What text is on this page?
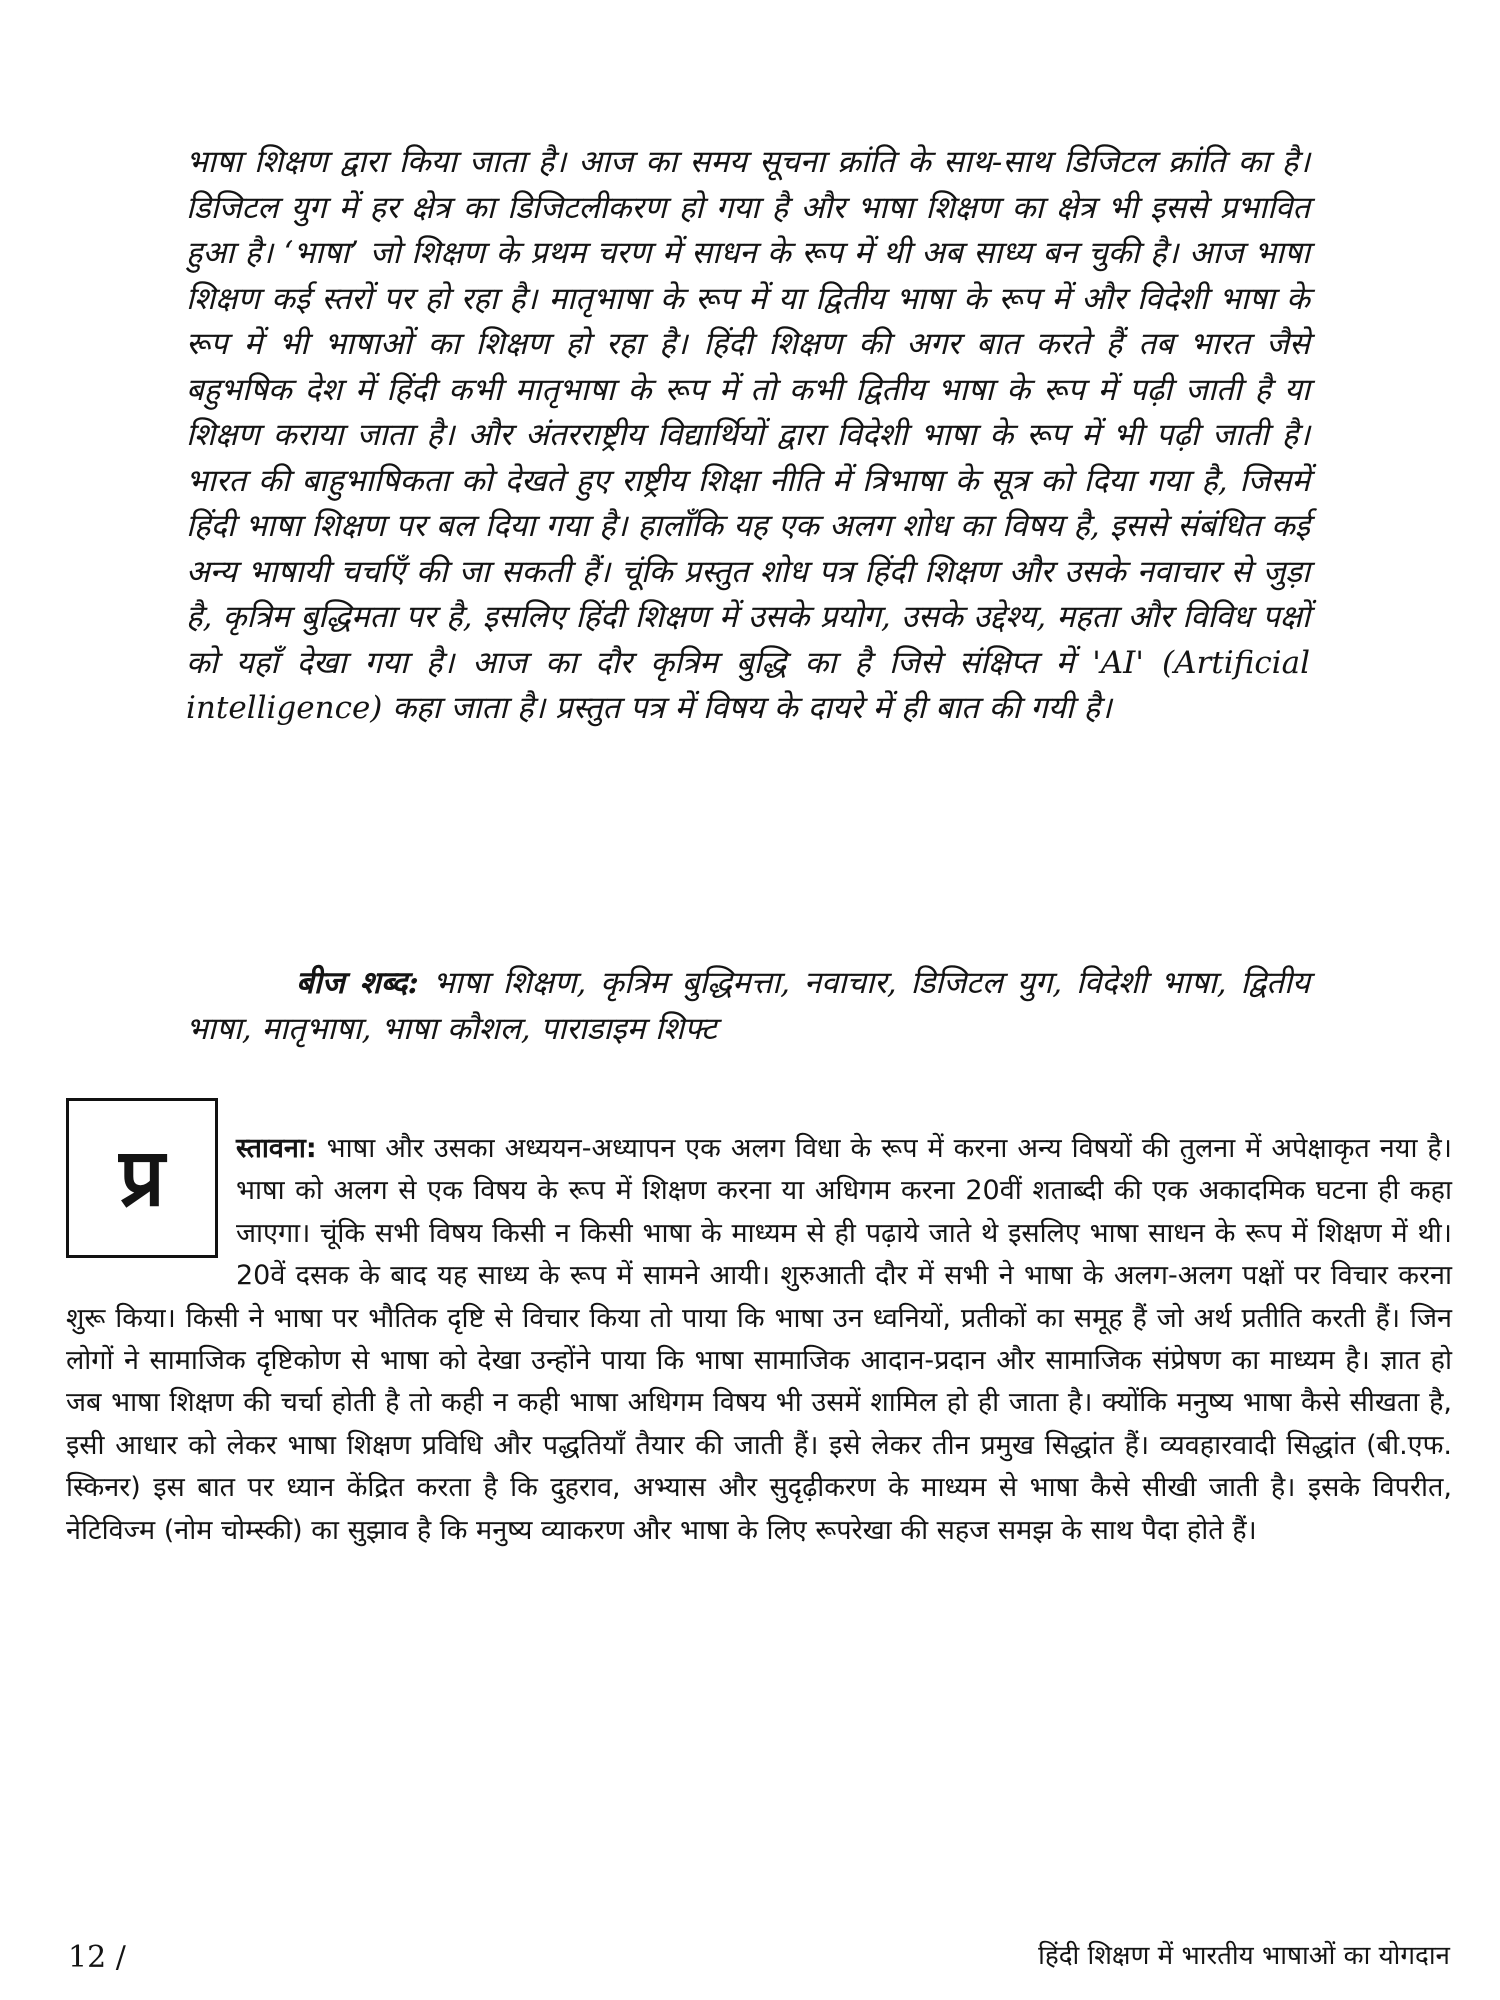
भाषा शिक्षण द्वारा किया जाता है। आज का समय सूचना क्रांति के साथ-साथ डिजिटल क्रांति का है। डिजिटल युग में हर क्षेत्र का डिजिटलीकरण हो गया है और भाषा शिक्षण का क्षेत्र भी इससे प्रभावित हुआ है। ‘भाषा’ जो शिक्षण के प्रथम चरण में साधन के रूप में थी अब साध्य बन चुकी है। आज भाषा शिक्षण कई स्तरों पर हो रहा है। मातृभाषा के रूप में या द्वितीय भाषा के रूप में और विदेशी भाषा के रूप में भी भाषाओं का शिक्षण हो रहा है। हिंदी शिक्षण की अगर बात करते हैं तब भारत जैसे बहुभषिक देश में हिंदी कभी मातृभाषा के रूप में तो कभी द्वितीय भाषा के रूप में पढ़ी जाती है या शिक्षण कराया जाता है। और अंतरराष्ट्रीय विद्यार्थियों द्वारा विदेशी भाषा के रूप में भी पढ़ी जाती है। भारत की बाहुभाषिकता को देखते हुए राष्ट्रीय शिक्षा नीति में त्रिभाषा के सूत्र को दिया गया है, जिसमें हिंदी भाषा शिक्षण पर बल दिया गया है। हालाँकि यह एक अलग शोध का विषय है, इससे संबंधित कई अन्य भाषायी चर्चाएँ की जा सकती हैं। चूंकि प्रस्तुत शोध पत्र हिंदी शिक्षण और उसके नवाचार से जुड़ा है, कृत्रिम बुद्धिमता पर है, इसलिए हिंदी शिक्षण में उसके प्रयोग, उसके उद्देश्य, महता और विविध पक्षों को यहाँ देखा गया है। आज का दौर कृत्रिम बुद्धि का है जिसे संक्षिप्त में 'AI' (Artificial intelligence) कहा जाता है। प्रस्तुत पत्र में विषय के दायरे में ही बात की गयी है।

बीज शब्द: भाषा शिक्षण, कृत्रिम बुद्धिमत्ता, नवाचार, डिजिटल युग, विदेशी भाषा, द्वितीय भाषा, मातृभाषा, भाषा कौशल, पाराडाइम शिफ्ट

प्र	स्तावना: भाषा और उसका अध्ययन-अध्यापन एक अलग विधा के रूप में करना अन्य विषयों की तुलना में अपेक्षाकृत नया है। भाषा को अलग से एक विषय के रूप में शिक्षण करना या अधिगम करना 20वीं शताब्दी की एक अकादमिक घटना ही कहा जाएगा। चूंकि सभी विषय किसी न किसी भाषा के माध्यम से ही पढ़ाये जाते थे इसलिए भाषा साधन के रूप में शिक्षण में थी। 20वें दसक के बाद यह साध्य के रूप में सामने आयी। शुरुआती दौर में सभी ने भाषा के अलग-अलग पक्षों पर विचार करना शुरू किया। किसी ने भाषा पर भौतिक दृष्टि से विचार किया तो पाया कि भाषा उन ध्वनियों, प्रतीकों का समूह हैं जो अर्थ प्रतीति करती हैं। जिन लोगों ने सामाजिक दृष्टिकोण से भाषा को देखा उन्होंने पाया कि भाषा सामाजिक आदान-प्रदान और सामाजिक संप्रेषण का माध्यम है। ज्ञात हो जब भाषा शिक्षण की चर्चा होती है तो कही न कही भाषा अधिगम विषय भी उसमें शामिल हो ही जाता है। क्योंकि मनुष्य भाषा कैसे सीखता है, इसी आधार को लेकर भाषा शिक्षण प्रविधि और पद्धतियाँ तैयार की जाती हैं। इसे लेकर तीन प्रमुख सिद्धांत हैं। व्यवहारवादी सिद्धांत (बी.एफ. स्किनर) इस बात पर ध्यान केंद्रित करता है कि दुहराव, अभ्यास और सुदृढ़ीकरण के माध्यम से भाषा कैसे सीखी जाती है। इसके विपरीत, नेटिविज्म (नोम चोम्स्की) का सुझाव है कि मनुष्य व्याकरण और भाषा के लिए रूपरेखा की सहज समझ के साथ पैदा होते हैं।

12 /	हिंदी शिक्षण में भारतीय भाषाओं का योगदान
